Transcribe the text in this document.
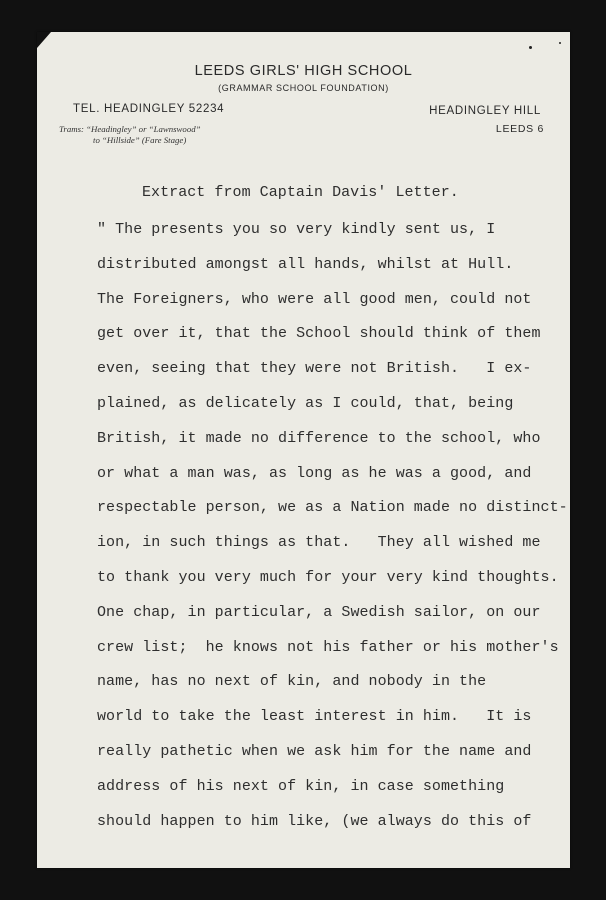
LEEDS GIRLS' HIGH SCHOOL
(GRAMMAR SCHOOL FOUNDATION)
TEL. HEADINGLEY 52234	HEADINGLEY HILL
LEEDS 6
Trams: “Headingley” or “Lawnswood”
to “Hillside” (Fare Stage)
Extract from Captain Davis' Letter.
" The presents you so very kindly sent us, I
distributed amongst all hands, whilst at Hull.
The Foreigners, who were all good men, could not
get over it, that the School should think of them
even, seeing that they were not British.   I ex-
plained, as delicately as I could, that, being
British, it made no difference to the school, who
or what a man was, as long as he was a good, and
respectable person, we as a Nation made no distinct-
ion, in such things as that.   They all wished me
to thank you very much for your very kind thoughts.
One chap, in particular, a Swedish sailor, on our
crew list;  he knows not his father or his mother's
name, has no next of kin, and nobody in the
world to take the least interest in him.   It is
really pathetic when we ask him for the name and
address of his next of kin, in case something
should happen to him like, (we always do this of
